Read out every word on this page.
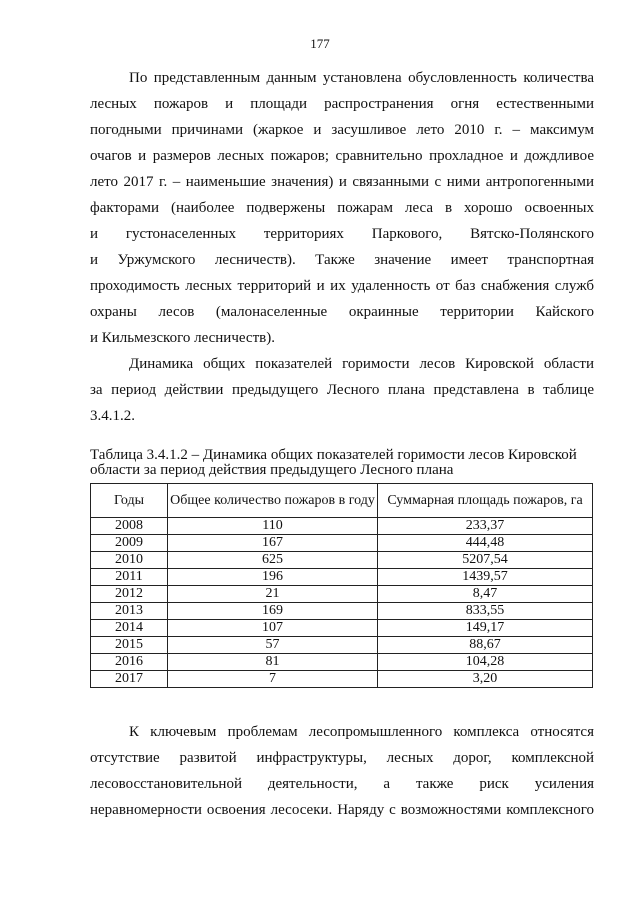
177
По представленным данным установлена обусловленность количества
лесных пожаров и площади распространения огня естественными
погодными причинами (жаркое и засушливое лето 2010 г. – максимум
очагов и размеров лесных пожаров; сравнительно прохладное и дождливое
лето 2017 г. – наименьшие значения) и связанными с ними антропогенными
факторами (наиболее подвержены пожарам леса в хорошо освоенных
и густонаселенных территориях Паркового, Вятско-Полянского
и Уржумского лесничеств). Также значение имеет транспортная
проходимость лесных территорий и их удаленность от баз снабжения служб
охраны лесов (малонаселенные окраинные территории Кайского
и Кильмезского лесничеств).
Динамика общих показателей горимости лесов Кировской области
за период действии предыдущего Лесного плана представлена в таблице
3.4.1.2.
Таблица 3.4.1.2 – Динамика общих показателей горимости лесов Кировской
области за период действия предыдущего Лесного плана
Годы	Общее количество пожаров в году	Суммарная площадь пожаров, га
2008	110	233,37
2009	167	444,48
2010	625	5207,54
2011	196	1439,57
2012	21	8,47
2013	169	833,55
2014	107	149,17
2015	57	88,67
2016	81	104,28
2017	7	3,20
К ключевым проблемам лесопромышленного комплекса относятся
отсутствие развитой инфраструктуры, лесных дорог, комплексной
лесовосстановительной деятельности, а также риск усиления
неравномерности освоения лесосеки. Наряду с возможностями комплексного
